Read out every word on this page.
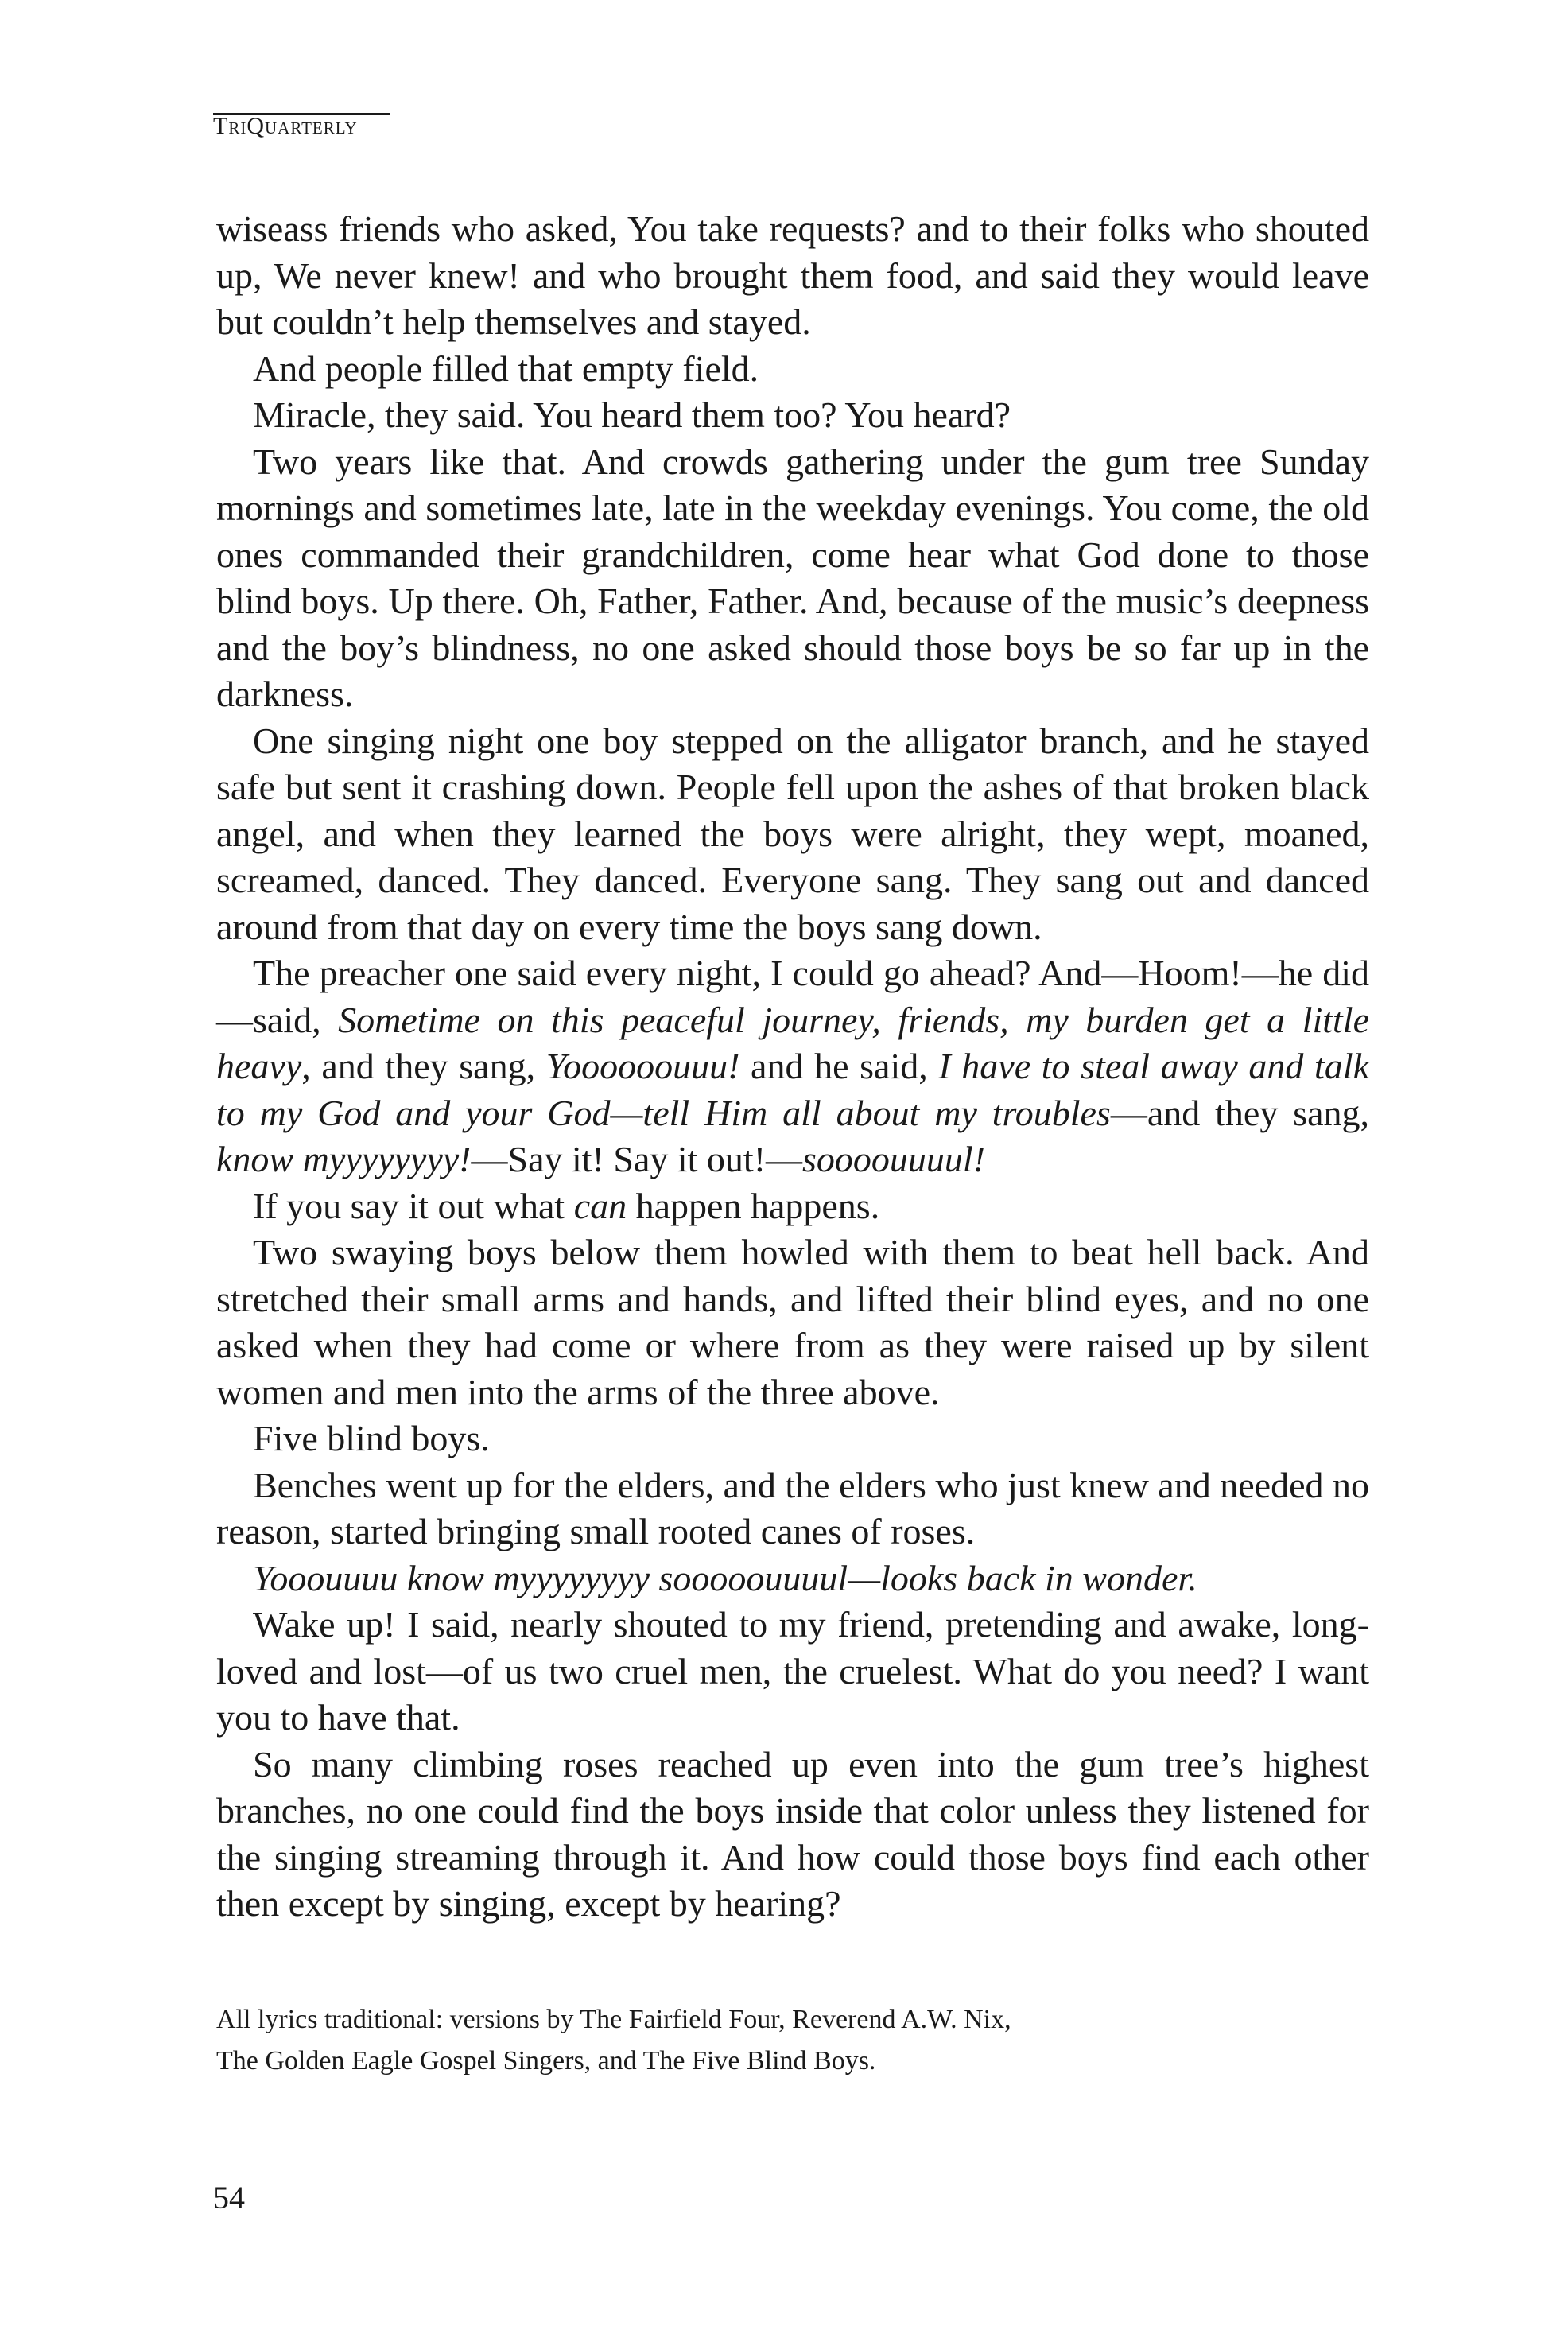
TriQuarterly

wiseass friends who asked, You take requests? and to their folks who shouted up, We never knew! and who brought them food, and said they would leave but couldn’t help themselves and stayed.

And people filled that empty field.

Miracle, they said. You heard them too? You heard?

Two years like that. And crowds gathering under the gum tree Sunday mornings and sometimes late, late in the weekday evenings. You come, the old ones commanded their grandchildren, come hear what God done to those blind boys. Up there. Oh, Father, Father. And, because of the music’s deepness and the boy’s blindness, no one asked should those boys be so far up in the darkness.

One singing night one boy stepped on the alligator branch, and he stayed safe but sent it crashing down. People fell upon the ashes of that broken black angel, and when they learned the boys were alright, they wept, moaned, screamed, danced. They danced. Everyone sang. They sang out and danced around from that day on every time the boys sang down.

The preacher one said every night, I could go ahead? And—Hoom!—he did—said, Sometime on this peaceful journey, friends, my burden get a little heavy, and they sang, Yoooooouuu! and he said, I have to steal away and talk to my God and your God—tell Him all about my troubles—and they sang, know myyyyyyyy!—Say it! Say it out!—soooouuuul!

If you say it out what can happen happens.

Two swaying boys below them howled with them to beat hell back. And stretched their small arms and hands, and lifted their blind eyes, and no one asked when they had come or where from as they were raised up by silent women and men into the arms of the three above.

Five blind boys.

Benches went up for the elders, and the elders who just knew and needed no reason, started bringing small rooted canes of roses.

Yooouuuu know myyyyyyyy sooooouuuul—looks back in wonder.

Wake up! I said, nearly shouted to my friend, pretending and awake, long-loved and lost—of us two cruel men, the cruelest. What do you need? I want you to have that.

So many climbing roses reached up even into the gum tree’s highest branches, no one could find the boys inside that color unless they listened for the singing streaming through it. And how could those boys find each other then except by singing, except by hearing?

All lyrics traditional: versions by The Fairfield Four, Reverend A.W. Nix,

The Golden Eagle Gospel Singers, and The Five Blind Boys.

54
